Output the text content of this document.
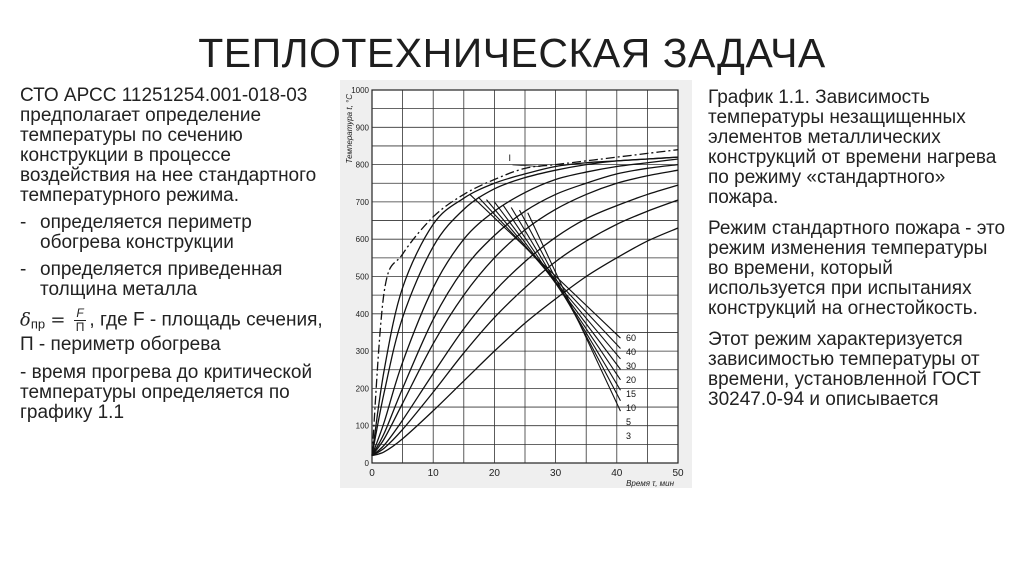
ТЕПЛОТЕХНИЧЕСКАЯ ЗАДАЧА

СТО АРСС 11251254.001-018-03 предполагает определение температуры по сечению конструкции в процессе воздействия на нее стандартного температурного режима.

- определяется периметр обогрева конструкции
- определяется приведенная толщина металла

$\delta_{пр} = \frac{F}{П}$ , где F - площадь сечения, П - периметр обогрева

- время прогрева до критической температуры определяется по графику 1.1

0	10	20	30	40	50
0
100
200
300
400
500
600
700
800
900
1000
Время τ, мин
Температура t, °C	I
60
40
30
20
15
10
5
3

График 1.1. Зависимость температуры незащищенных элементов металлических конструкций от времени нагрева по режиму «стандартного» пожара.

Режим стандартного пожара - это режим изменения температуры во времени, который используется при испытаниях конструкций на огнестойкость.

Этот режим характеризуется зависимостью температуры от времени, установленной ГОСТ 30247.0-94 и описывается
